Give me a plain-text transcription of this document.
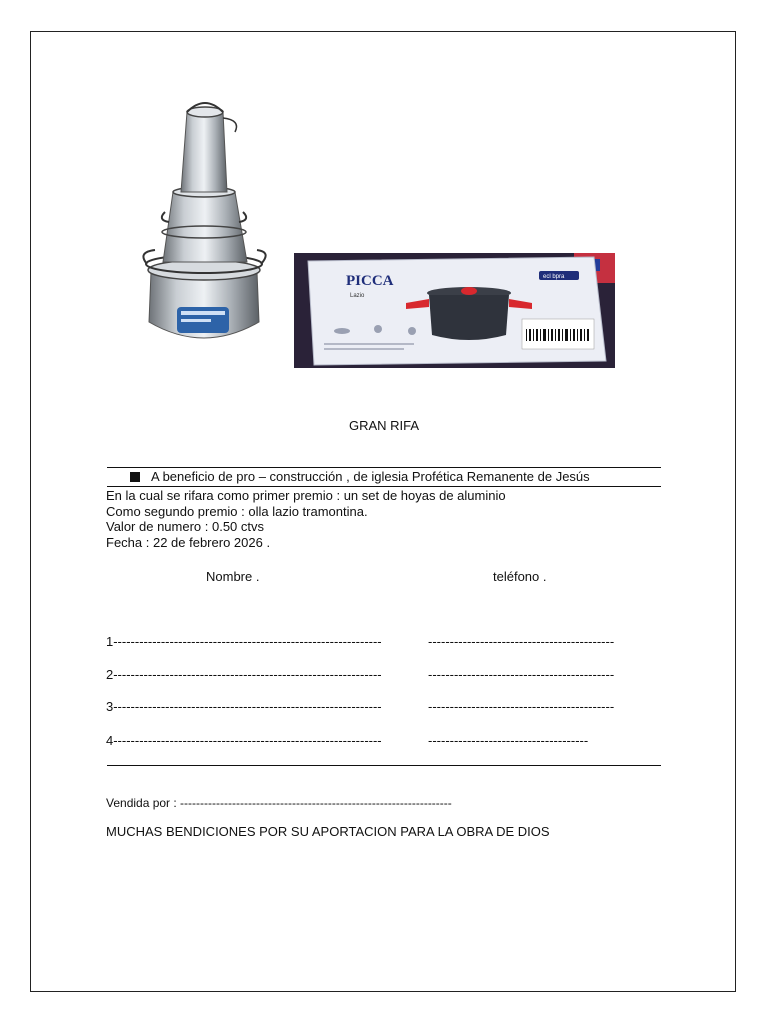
PICCA
Lazio
ecl bpra
GRAN RIFA
A beneficio de pro – construcción , de iglesia Profética Remanente de Jesús
En la cual se rifara como primer premio : un set de hoyas de aluminio
Como segundo premio : olla lazio tramontina.
Valor de numero : 0.50 ctvs
Fecha : 22 de febrero 2026 .
Nombre .	teléfono .
1--------------------------------------------------------------	-------------------------------------------
2--------------------------------------------------------------	-------------------------------------------
3--------------------------------------------------------------	-------------------------------------------
4--------------------------------------------------------------	-------------------------------------
Vendida por : --------------------------------------------------------------------
MUCHAS BENDICIONES POR SU APORTACION PARA LA OBRA DE DIOS
